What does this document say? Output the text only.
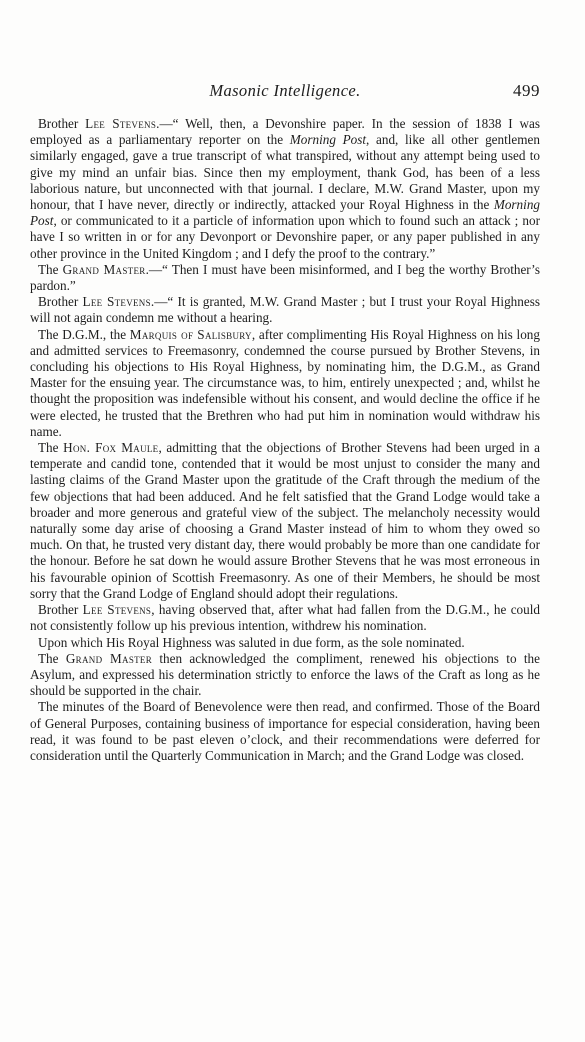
Masonic Intelligence.	499

Brother Lee Stevens.—“ Well, then, a Devonshire paper. In the session of 1838 I was employed as a parliamentary reporter on the Morning Post, and, like all other gentlemen similarly engaged, gave a true transcript of what transpired, without any attempt being used to give my mind an unfair bias. Since then my employment, thank God, has been of a less laborious nature, but unconnected with that journal. I declare, M.W. Grand Master, upon my honour, that I have never, directly or indirectly, attacked your Royal Highness in the Morning Post, or communicated to it a particle of information upon which to found such an attack ; nor have I so written in or for any Devonport or Devonshire paper, or any paper published in any other province in the United Kingdom ; and I defy the proof to the contrary.”

The Grand Master.—“ Then I must have been misinformed, and I beg the worthy Brother’s pardon.”

Brother Lee Stevens.—“ It is granted, M.W. Grand Master ; but I trust your Royal Highness will not again condemn me without a hearing.

The D.G.M., the Marquis of Salisbury, after complimenting His Royal Highness on his long and admitted services to Freemasonry, condemned the course pursued by Brother Stevens, in concluding his objections to His Royal Highness, by nominating him, the D.G.M., as Grand Master for the ensuing year. The circumstance was, to him, entirely unexpected ; and, whilst he thought the proposition was indefensible without his consent, and would decline the office if he were elected, he trusted that the Brethren who had put him in nomination would withdraw his name.

The Hon. Fox Maule, admitting that the objections of Brother Stevens had been urged in a temperate and candid tone, contended that it would be most unjust to consider the many and lasting claims of the Grand Master upon the gratitude of the Craft through the medium of the few objections that had been adduced. And he felt satisfied that the Grand Lodge would take a broader and more generous and grateful view of the subject. The melancholy necessity would naturally some day arise of choosing a Grand Master instead of him to whom they owed so much. On that, he trusted very distant day, there would probably be more than one candidate for the honour. Before he sat down he would assure Brother Stevens that he was most erroneous in his favourable opinion of Scottish Freemasonry. As one of their Members, he should be most sorry that the Grand Lodge of England should adopt their regulations.

Brother Lee Stevens, having observed that, after what had fallen from the D.G.M., he could not consistently follow up his previous intention, withdrew his nomination.

Upon which His Royal Highness was saluted in due form, as the sole nominated.

The Grand Master then acknowledged the compliment, renewed his objections to the Asylum, and expressed his determination strictly to enforce the laws of the Craft as long as he should be supported in the chair.

The minutes of the Board of Benevolence were then read, and confirmed. Those of the Board of General Purposes, containing business of importance for especial consideration, having been read, it was found to be past eleven o’clock, and their recommendations were deferred for consideration until the Quarterly Communication in March; and the Grand Lodge was closed.
